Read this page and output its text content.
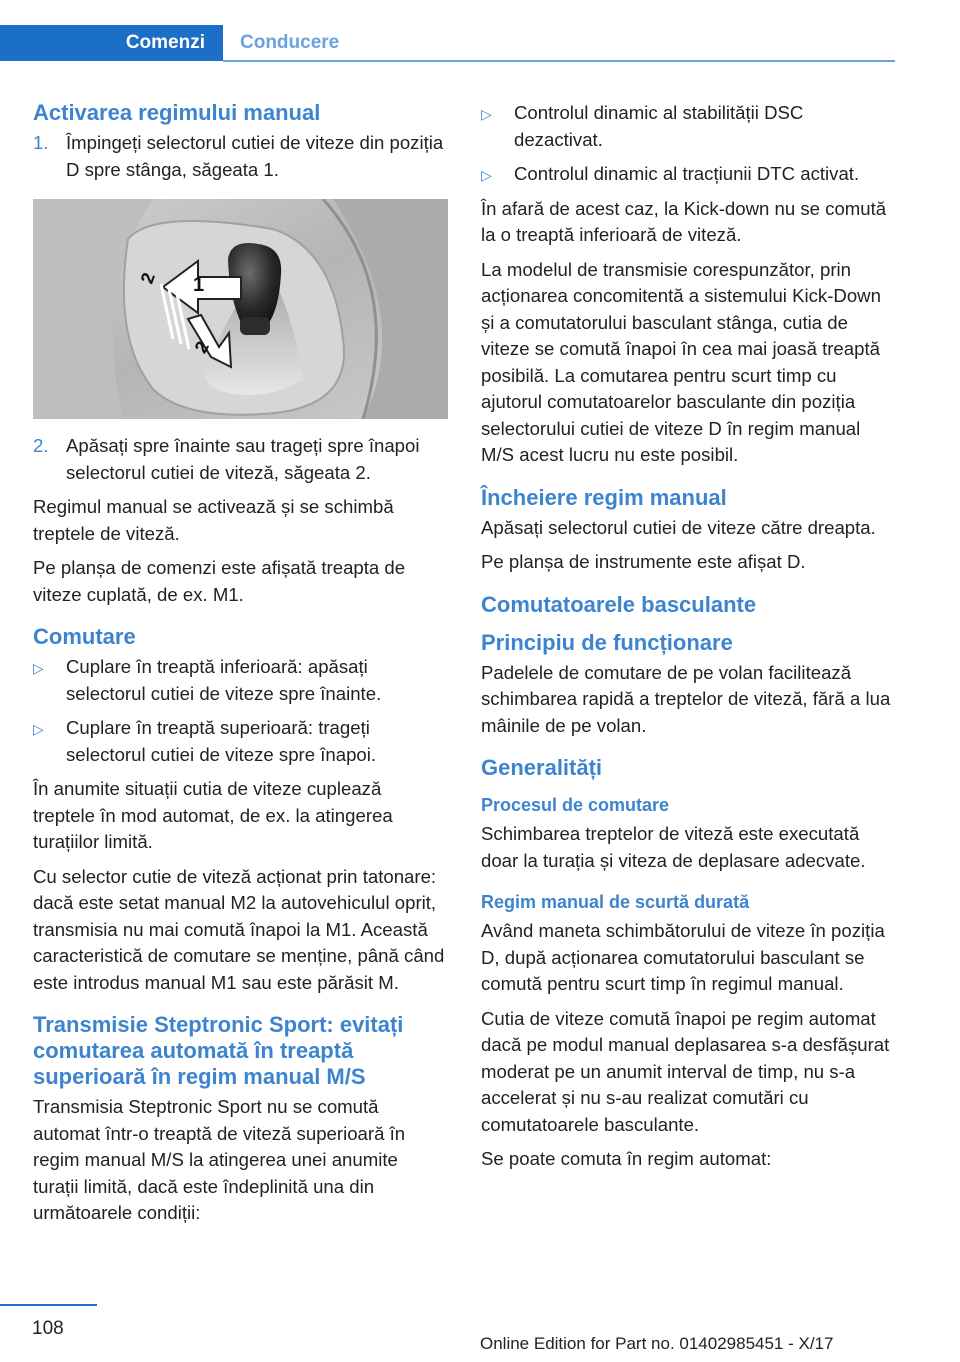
Comenzi	Conducere
Activarea regimului manual
1. Împingeți selectorul cutiei de viteze din poziția D spre stânga, săgeata 1.
1
2
2
2. Apăsați spre înainte sau trageți spre înapoi selectorul cutiei de viteză, săgeata 2.

Regimul manual se activează și se schimbă treptele de viteză.

Pe planșa de comenzi este afișată treapta de viteze cuplată, de ex. M1.

Comutare
▷ Cuplare în treaptă inferioară: apăsați selectorul cutiei de viteze spre înainte.
▷ Cuplare în treaptă superioară: trageți selectorul cutiei de viteze spre înapoi.

În anumite situații cutia de viteze cuplează treptele în mod automat, de ex. la atingerea turațiilor limită.

Cu selector cutie de viteză acționat prin tatonare: dacă este setat manual M2 la autovehiculul oprit, transmisia nu mai comută înapoi la M1. Această caracteristică de comutare se menține, până când este introdus manual M1 sau este părăsit M.

Transmisie Steptronic Sport: evitați comutarea automată în treaptă superioară în regim manual M/S

Transmisia Steptronic Sport nu se comută automat într-o treaptă de viteză superioară în regim manual M/S la atingerea unei anumite turații limită, dacă este îndeplinită una din următoarele condiții:

▷ Controlul dinamic al stabilității DSC dezactivat.
▷ Controlul dinamic al tracțiunii DTC activat.

În afară de acest caz, la Kick-down nu se comută la o treaptă inferioară de viteză.

La modelul de transmisie corespunzător, prin acționarea concomitentă a sistemului Kick-Down și a comutatorului basculant stânga, cutia de viteze se comută înapoi în cea mai joasă treaptă posibilă. La comutarea pentru scurt timp cu ajutorul comutatoarelor basculante din poziția selectorului cutiei de viteze D în regim manual M/S acest lucru nu este posibil.

Încheiere regim manual

Apăsați selectorul cutiei de viteze către dreapta.

Pe planșa de instrumente este afișat D.

Comutatoarele basculante
Principiu de funcționare

Padelele de comutare de pe volan facilitează schimbarea rapidă a treptelor de viteză, fără a lua mâinile de pe volan.

Generalități
Procesul de comutare

Schimbarea treptelor de viteză este executată doar la turația și viteza de deplasare adecvate.

Regim manual de scurtă durată

Având maneta schimbătorului de viteze în poziția D, după acționarea comutatorului basculant se comută pentru scurt timp în regimul manual.

Cutia de viteze comută înapoi pe regim automat dacă pe modul manual deplasarea s-a desfășurat moderat pe un anumit interval de timp, nu s-a accelerat și nu s-au realizat comutări cu comutatoarele basculante.

Se poate comuta în regim automat:

108
Online Edition for Part no. 01402985451 - X/17
